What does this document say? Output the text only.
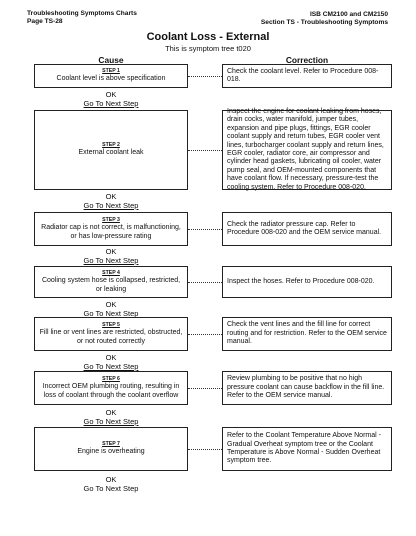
Troubleshooting Symptoms Charts
Page TS-28
ISB CM2100 and CM2150
Section TS - Troubleshooting Symptoms
Coolant Loss - External
This is symptom tree t020
Cause	Correction
STEP 1
Coolant level is above specification
Check the coolant level. Refer to Procedure 008-018.
OK
Go To Next Step
STEP 2
External coolant leak
Inspect the engine for coolant leaking from hoses, drain cocks, water manifold, jumper tubes, expansion and pipe plugs, fittings, EGR cooler coolant supply and return tubes, EGR cooler vent lines, turbocharger coolant supply and return lines, EGR cooler, radiator core, air compressor and cylinder head gaskets, lubricating oil cooler, water pump seal, and OEM-mounted components that have coolant flow. If necessary, pressure-test the cooling system. Refer to Procedure 008-020.
OK
Go To Next Step
STEP 3
Radiator cap is not correct, is malfunctioning, or has low-pressure rating
Check the radiator pressure cap. Refer to Procedure 008-020 and the OEM service manual.
OK
Go To Next Step
STEP 4
Cooling system hose is collapsed, restricted, or leaking
Inspect the hoses. Refer to Procedure 008-020.
OK
Go To Next Step
STEP 5
Fill line or vent lines are restricted, obstructed, or not routed correctly
Check the vent lines and the fill line for correct routing and for restriction. Refer to the OEM service manual.
OK
Go To Next Step
STEP 6
Incorrect OEM plumbing routing, resulting in loss of coolant through the coolant overflow
Review plumbing to be positive that no high pressure coolant can cause backflow in the fill line. Refer to the OEM service manual.
OK
Go To Next Step
STEP 7
Engine is overheating
Refer to the Coolant Temperature Above Normal - Gradual Overheat symptom tree or the Coolant Temperature is Above Normal - Sudden Overheat symptom tree.
OK
Go To Next Step
